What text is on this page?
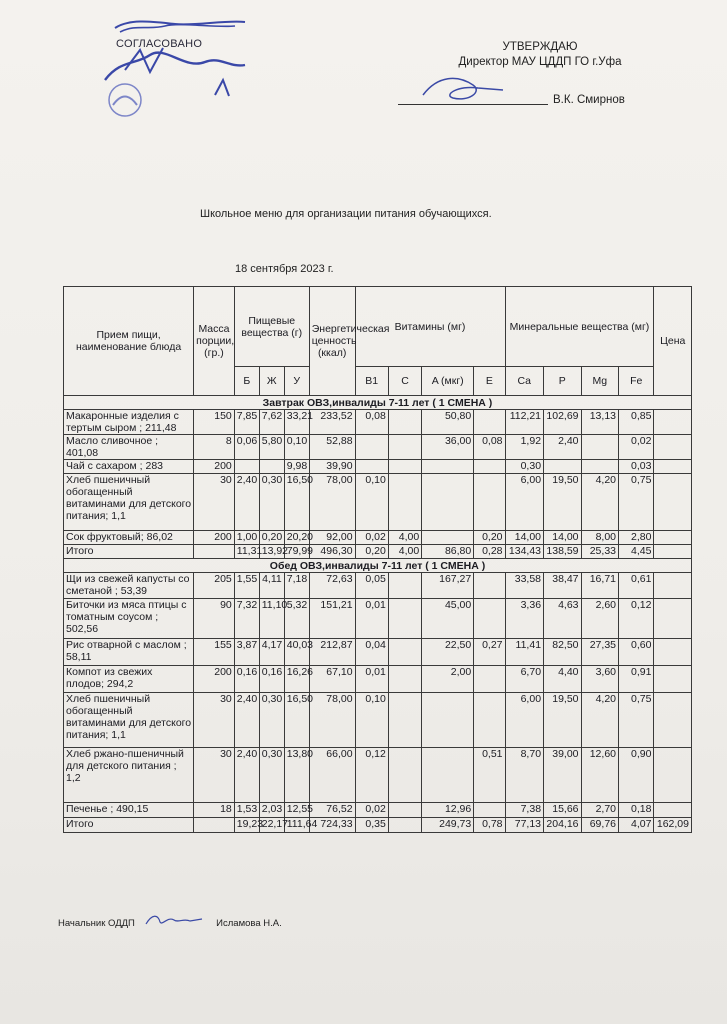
СОГЛАСОВАНО	УТВЕРЖДАЮ
Директор МАУ ЦДДП ГО г.Уфа
В.К. Смирнов
Школьное меню для организации питания обучающихся.
18 сентября 2023 г.
Прием пищи, наименование блюда	Масса порции, (гр.)	Пищевые вещества (г)			Энергетическая ценность (ккал)	Витамины (мг)				Минеральные вещества (мг)				Цена
		Б	Ж	У		B1	C	A (мкг)	E	Ca	P	Mg	Fe	
Завтрак ОВЗ,инвалиды 7-11 лет ( 1 СМЕНА )														
Макаронные изделия с тертым сыром ; 211,48	150	7,85	7,62	33,21	233,52	0,08		50,80		112,21	102,69	13,13	0,85	
Масло сливочное ; 401,08	8	0,06	5,80	0,10	52,88			36,00	0,08	1,92	2,40		0,02	
Чай с сахаром ; 283	200			9,98	39,90					0,30			0,03	
Хлеб пшеничный обогащенный витаминами для детского питания; 1,1	30	2,40	0,30	16,50	78,00	0,10				6,00	19,50	4,20	0,75	
Сок фруктовый; 86,02	200	1,00	0,20	20,20	92,00	0,02	4,00		0,20	14,00	14,00	8,00	2,80	
Итого		11,31	13,92	79,99	496,30	0,20	4,00	86,80	0,28	134,43	138,59	25,33	4,45	
Обед ОВЗ,инвалиды 7-11 лет ( 1 СМЕНА )														
Щи из свежей капусты со сметаной ; 53,39	205	1,55	4,11	7,18	72,63	0,05		167,27		33,58	38,47	16,71	0,61	
Биточки из мяса птицы с томатным соусом ; 502,56	90	7,32	11,10	5,32	151,21	0,01		45,00		3,36	4,63	2,60	0,12	
Рис отварной с маслом ; 58,11	155	3,87	4,17	40,03	212,87	0,04		22,50	0,27	11,41	82,50	27,35	0,60	
Компот из свежих плодов; 294,2	200	0,16	0,16	16,26	67,10	0,01		2,00		6,70	4,40	3,60	0,91	
Хлеб пшеничный обогащенный витаминами для детского питания; 1,1	30	2,40	0,30	16,50	78,00	0,10				6,00	19,50	4,20	0,75	
Хлеб ржано-пшеничный для детского питания ; 1,2	30	2,40	0,30	13,80	66,00	0,12			0,51	8,70	39,00	12,60	0,90	
Печенье ; 490,15	18	1,53	2,03	12,55	76,52	0,02		12,96		7,38	15,66	2,70	0,18	
Итого		19,23	22,17	111,64	724,33	0,35		249,73	0,78	77,13	204,16	69,76	4,07	162,09
Начальник ОДДП	Исламова Н.А.
